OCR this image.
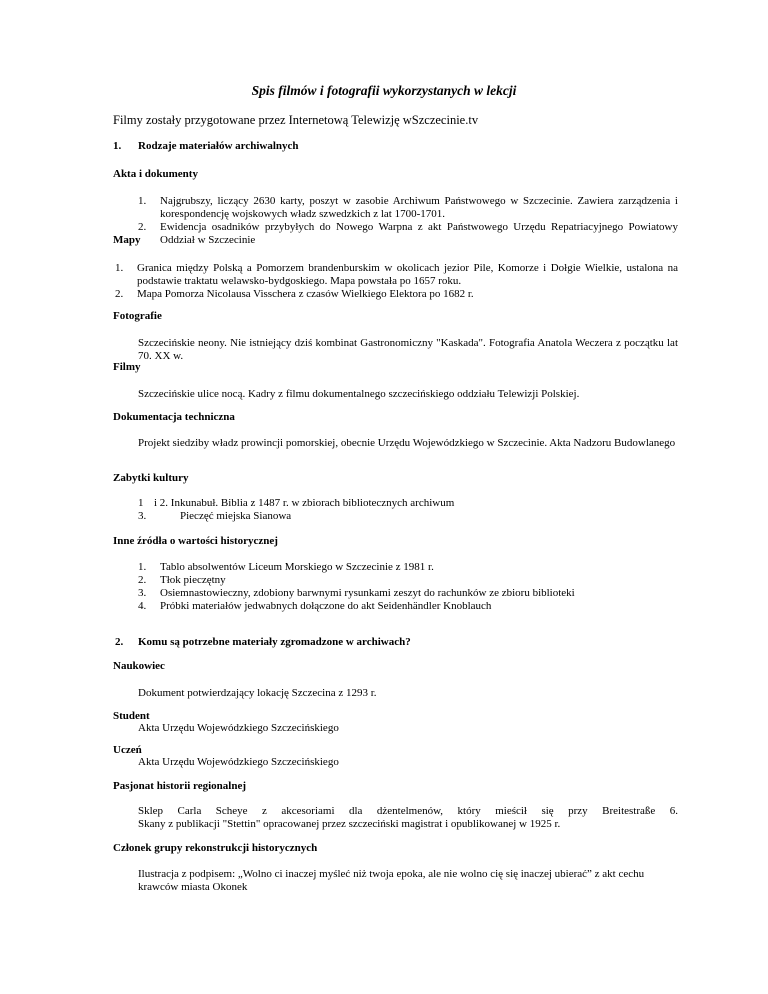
Spis filmów i fotografii wykorzystanych w lekcji

Filmy zostały przygotowane przez Internetową Telewizję wSzczecinie.tv

1. Rodzaje materiałów archiwalnych

Akta i dokumenty

1.	Najgrubszy, liczący 2630 karty, poszyt w zasobie Archiwum Państwowego w Szczecinie. Zawiera zarządzenia i korespondencję wojskowych władz szwedzkich z lat 1700-1701.
2.	Ewidencja osadników przybyłych do Nowego Warpna z akt Państwowego Urzędu Repatriacyjnego Powiatowy Oddział w Szczecinie

Mapy

1.	Granica między Polską a Pomorzem brandenburskim w okolicach jezior Pile, Komorze i Dołgie Wielkie, ustalona na podstawie traktatu welawsko-bydgoskiego. Mapa powstała po 1657 roku.
2.	Mapa Pomorza Nicolausa Visschera z czasów Wielkiego Elektora po 1682 r.

Fotografie

Szczecińskie neony. Nie istniejący dziś kombinat Gastronomiczny "Kaskada". Fotografia Anatola Weczera z początku lat 70. XX w.

Filmy

Szczecińskie ulice nocą. Kadry z filmu dokumentalnego szczecińskiego oddziału Telewizji Polskiej.

Dokumentacja techniczna

Projekt siedziby władz prowincji pomorskiej, obecnie Urzędu Wojewódzkiego w Szczecinie. Akta Nadzoru Budowlanego

Zabytki kultury

1 i 2. Inkunabuł. Biblia z 1487 r. w zbiorach bibliotecznych archiwum
3.	Pieczęć miejska Sianowa

Inne źródła o wartości historycznej

1.	Tablo absolwentów Liceum Morskiego w Szczecinie z 1981 r.
2.	Tłok pieczętny
3.	Osiemnastowieczny, zdobiony barwnymi rysunkami zeszyt do rachunków ze zbioru biblioteki
4.	Próbki materiałów jedwabnych dołączone do akt Seidenhändler Knoblauch

2. Komu są potrzebne materiały zgromadzone w archiwach?

Naukowiec

Dokument potwierdzający lokację Szczecina z 1293 r.

Student

Akta Urzędu Wojewódzkiego Szczecińskiego

Uczeń

Akta Urzędu Wojewódzkiego Szczecińskiego

Pasjonat historii regionalnej

Sklep Carla Scheye z akcesoriami dla dżentelmenów, który mieścił się przy Breitestraße 6.
Skany z publikacji "Stettin" opracowanej przez szczeciński magistrat i opublikowanej w 1925 r.

Członek grupy rekonstrukcji historycznych

Ilustracja z podpisem: „Wolno ci inaczej myśleć niż twoja epoka, ale nie wolno cię się inaczej ubierać” z akt cechu krawców miasta Okonek
